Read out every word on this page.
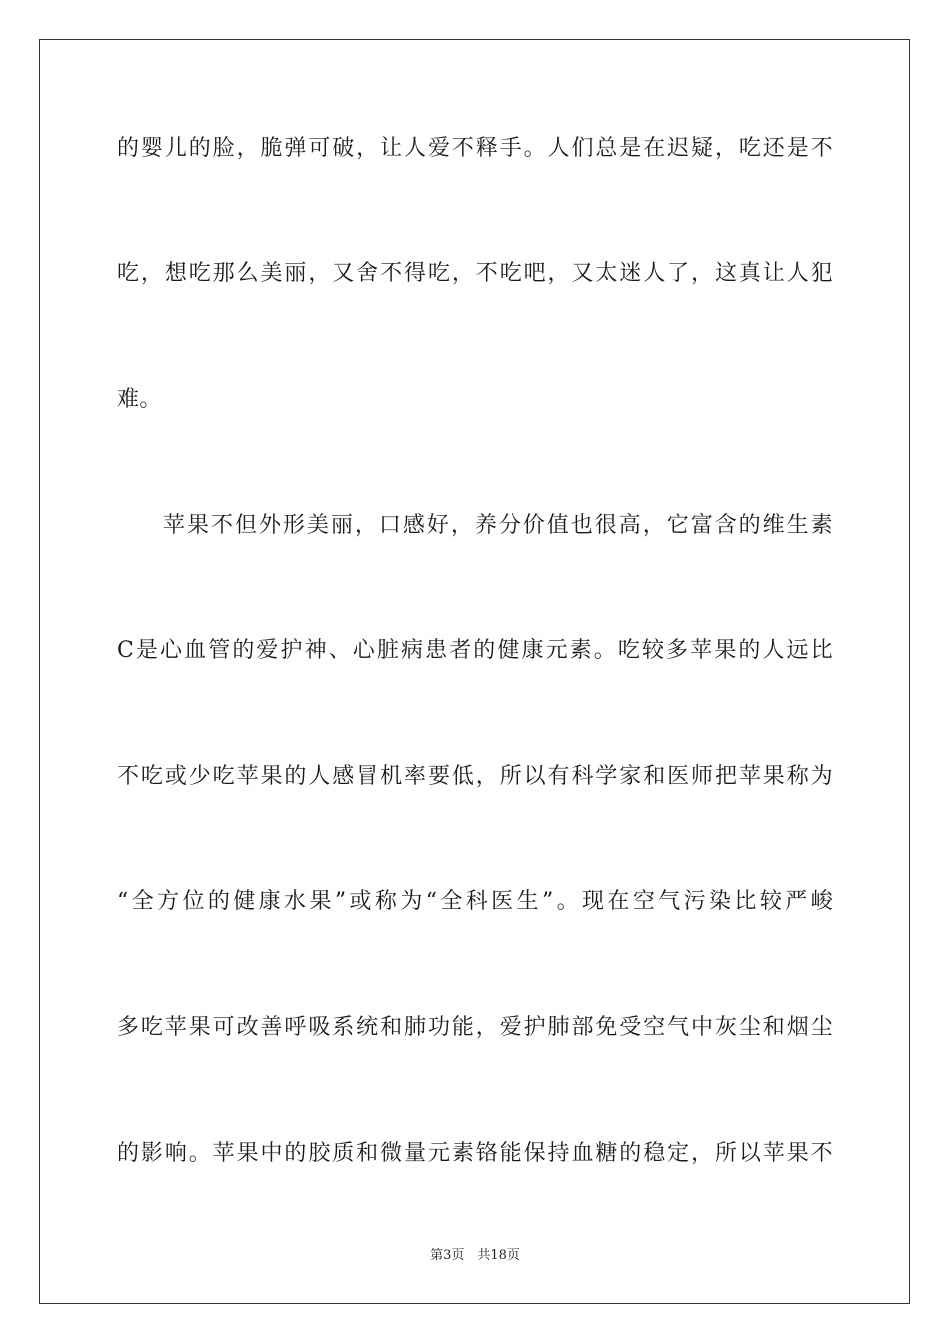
的婴儿的脸，脆弹可破，让人爱不释手。人们总是在迟疑，吃还是不
吃，想吃那么美丽，又舍不得吃，不吃吧，又太迷人了，这真让人犯
难。
苹果不但外形美丽，口感好，养分价值也很高，它富含的维生素
C是心血管的爱护神、心脏病患者的健康元素。吃较多苹果的人远比
不吃或少吃苹果的人感冒机率要低，所以有科学家和医师把苹果称为
“全方位的健康水果”或称为“全科医生”。现在空气污染比较严峻
多吃苹果可改善呼吸系统和肺功能，爱护肺部免受空气中灰尘和烟尘
的影响。苹果中的胶质和微量元素铬能保持血糖的稳定，所以苹果不
第3页　共18页
